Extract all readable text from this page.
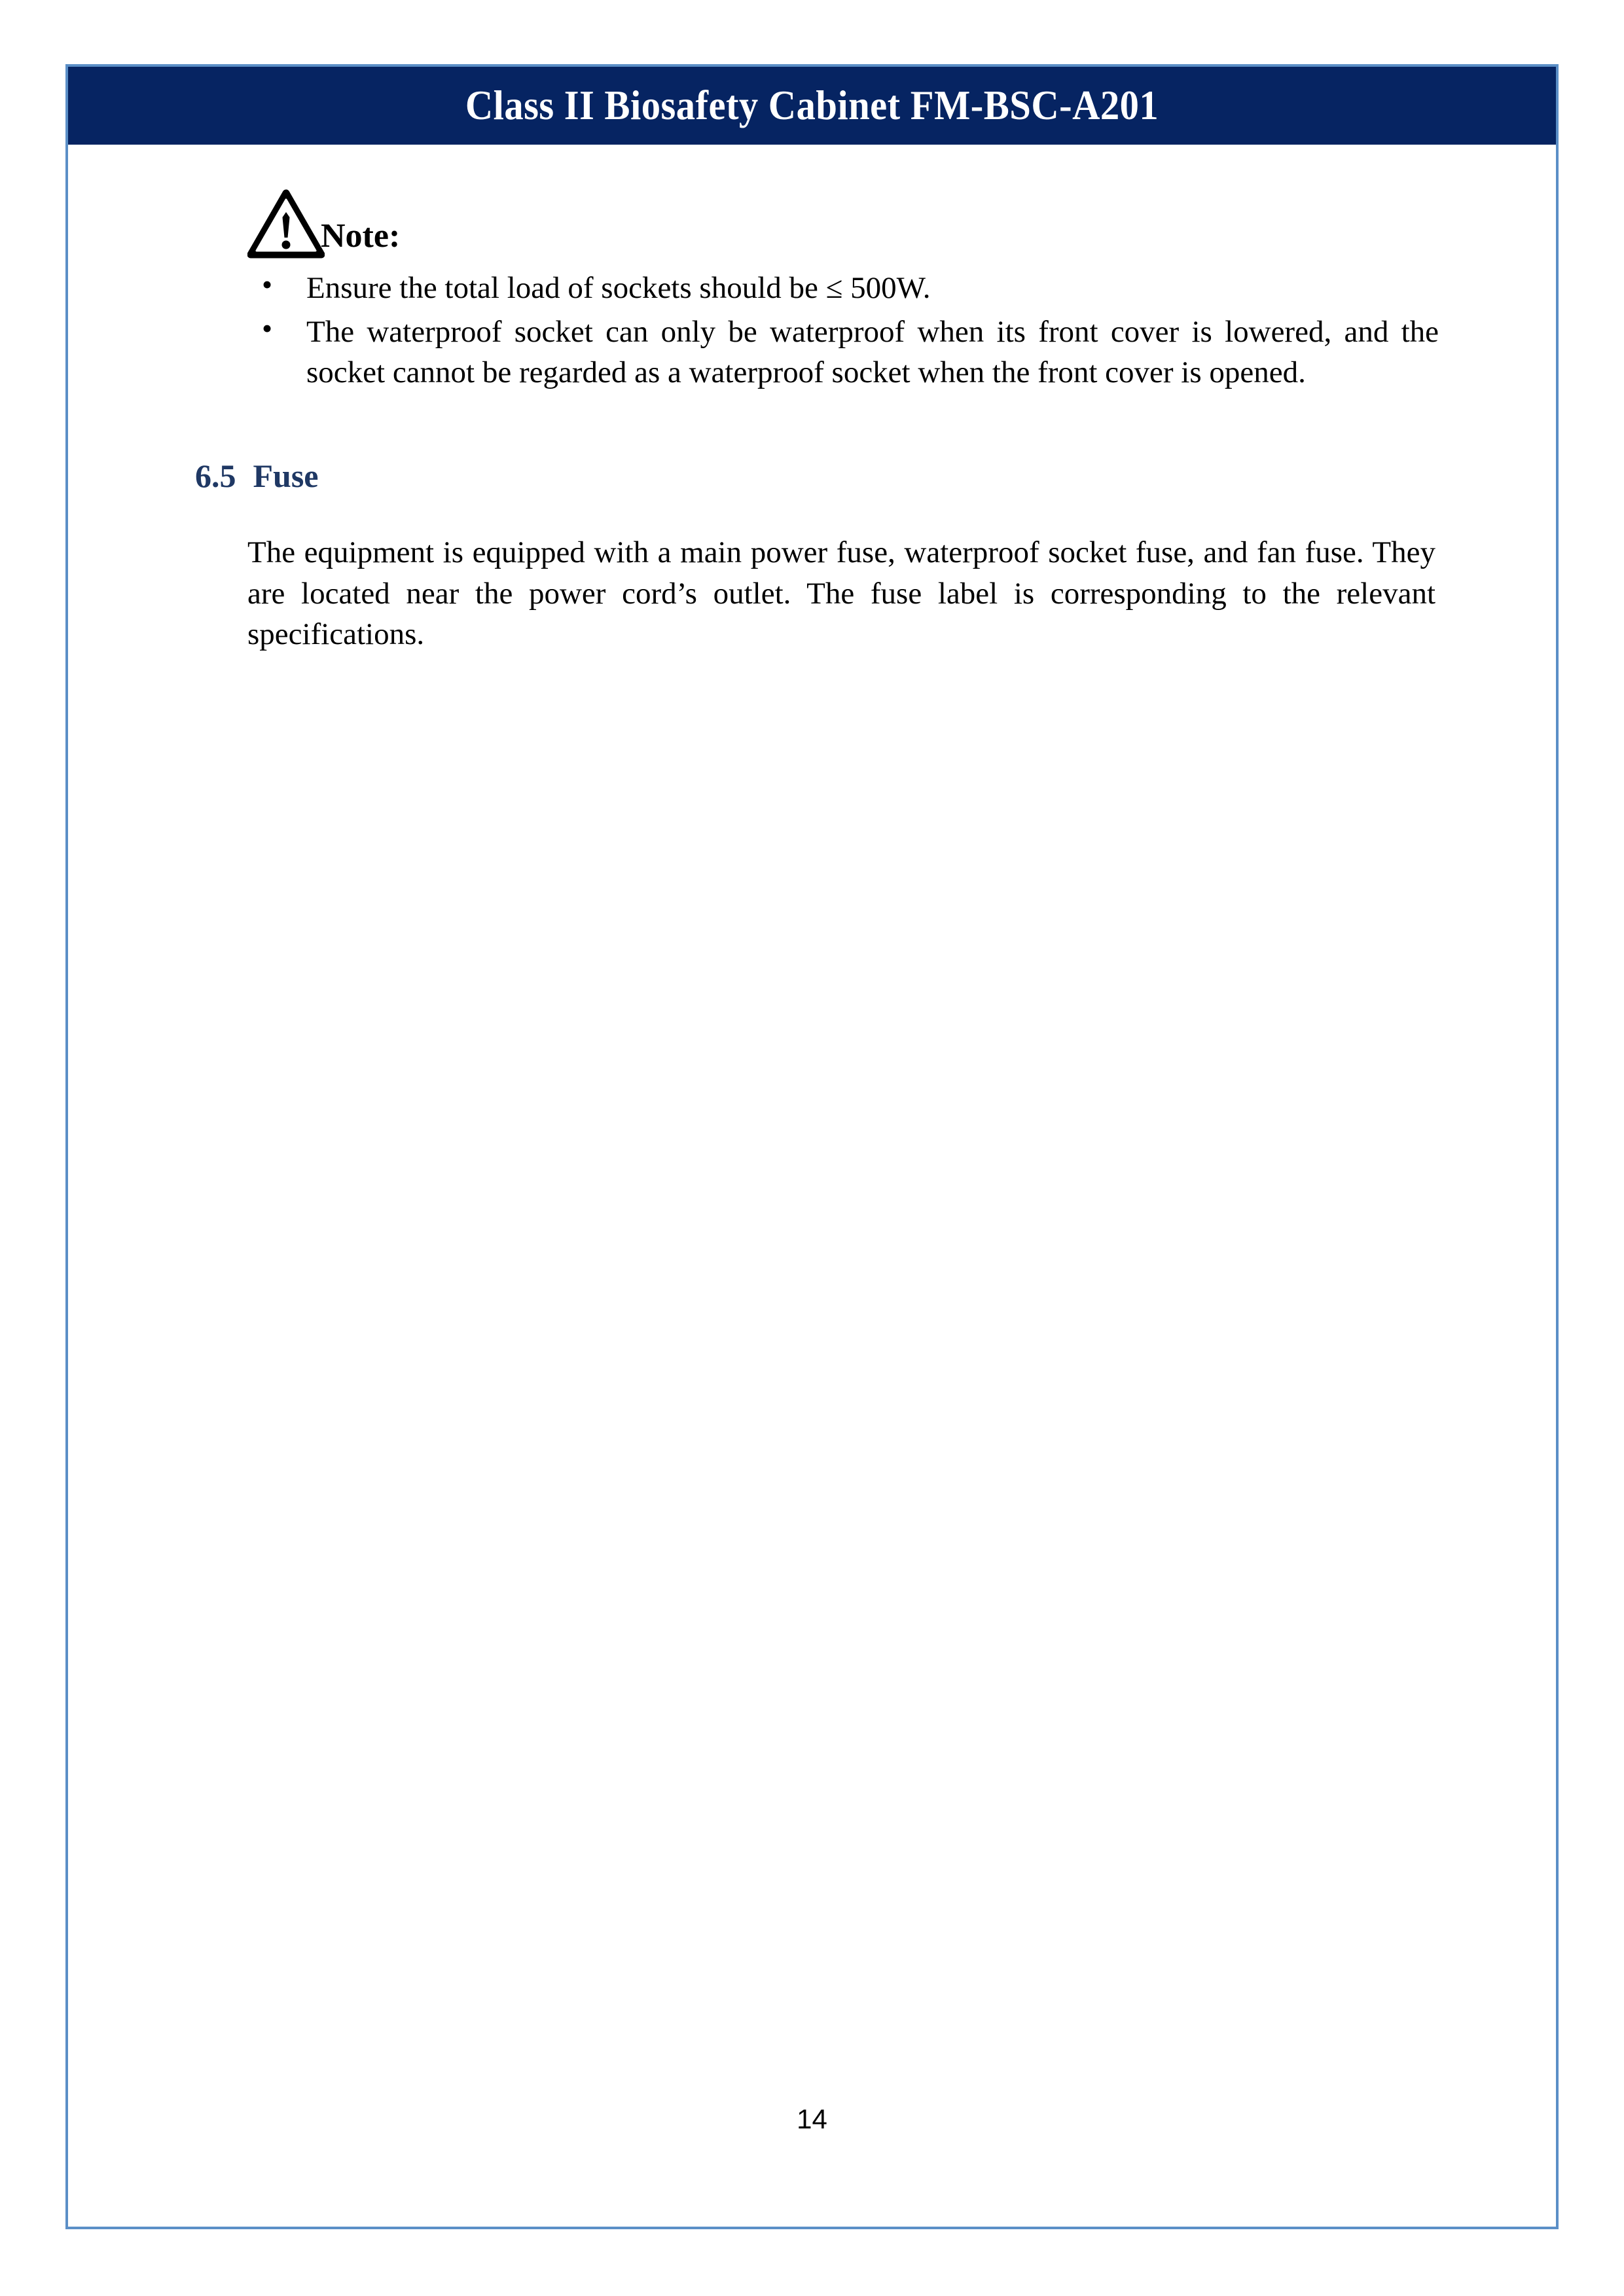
Class II Biosafety Cabinet FM-BSC-A201
Note:
• Ensure the total load of sockets should be ≤ 500W.
• The waterproof socket can only be waterproof when its front cover is lowered, and the socket cannot be regarded as a waterproof socket when the front cover is opened.
6.5 Fuse
The equipment is equipped with a main power fuse, waterproof socket fuse, and fan fuse. They are located near the power cord’s outlet. The fuse label is corresponding to the relevant specifications.
14
